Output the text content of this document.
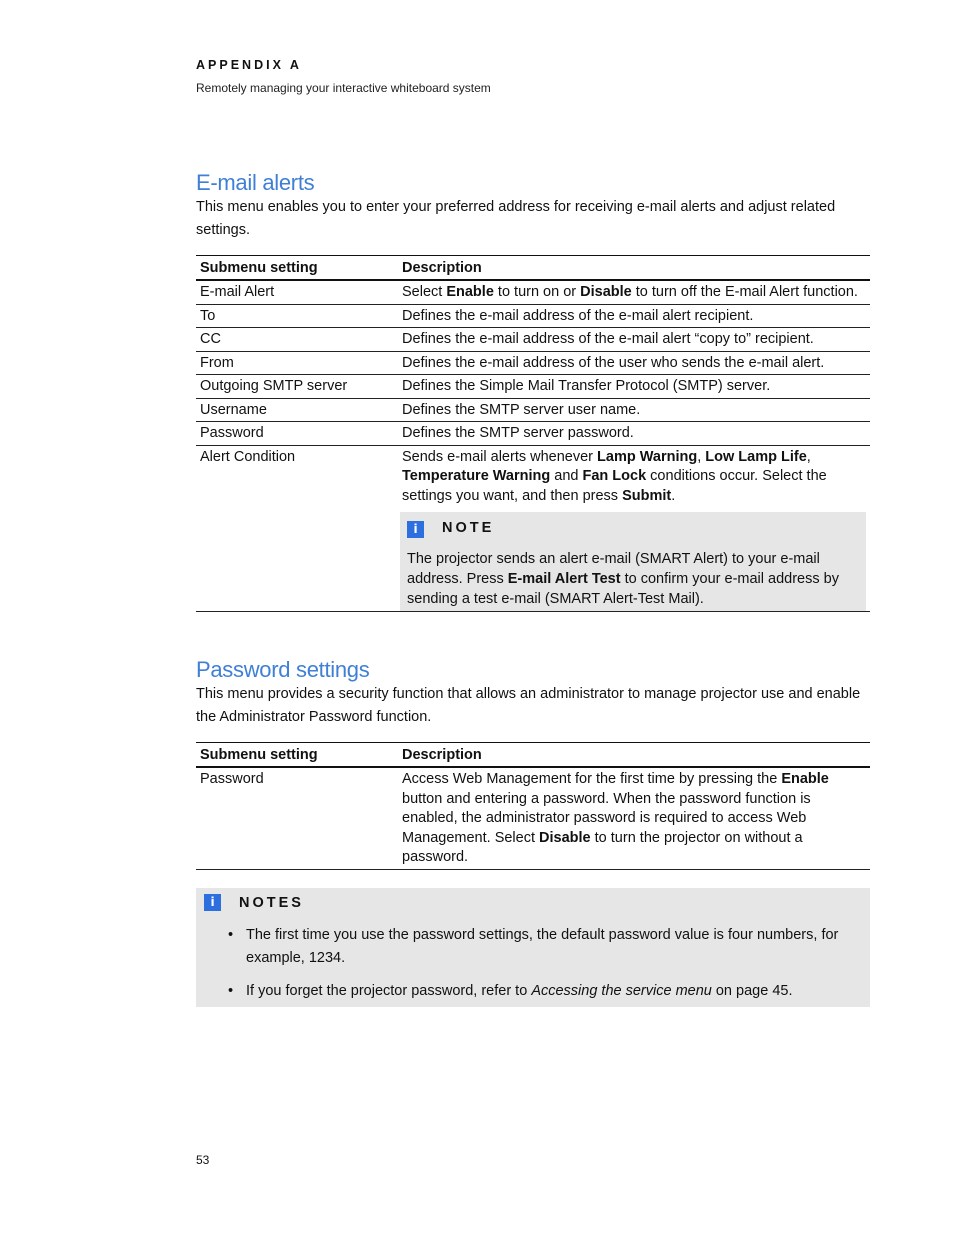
APPENDIX A
Remotely managing your interactive whiteboard system
E-mail alerts

This menu enables you to enter your preferred address for receiving e-mail alerts and adjust related settings.

Submenu setting	Description
E-mail Alert	Select Enable to turn on or Disable to turn off the E-mail Alert function.
To	Defines the e-mail address of the e-mail alert recipient.
CC	Defines the e-mail address of the e-mail alert “copy to” recipient.
From	Defines the e-mail address of the user who sends the e-mail alert.
Outgoing SMTP server	Defines the Simple Mail Transfer Protocol (SMTP) server.
Username	Defines the SMTP server user name.
Password	Defines the SMTP server password.
Alert Condition	Sends e-mail alerts whenever Lamp Warning, Low Lamp Life, Temperature Warning and Fan Lock conditions occur. Select the settings you want, and then press Submit.
i NOTE
The projector sends an alert e-mail (SMART Alert) to your e-mail address. Press E-mail Alert Test to confirm your e-mail address by sending a test e-mail (SMART Alert-Test Mail).
Password settings

This menu provides a security function that allows an administrator to manage projector use and enable the Administrator Password function.

Submenu setting	Description
Password	Access Web Management for the first time by pressing the Enable button and entering a password. When the password function is enabled, the administrator password is required to access Web Management. Select Disable to turn the projector on without a password.
i	NOTES
• The first time you use the password settings, the default password value is four numbers, for example, 1234.
• If you forget the projector password, refer to Accessing the service menu on page 45.
53
